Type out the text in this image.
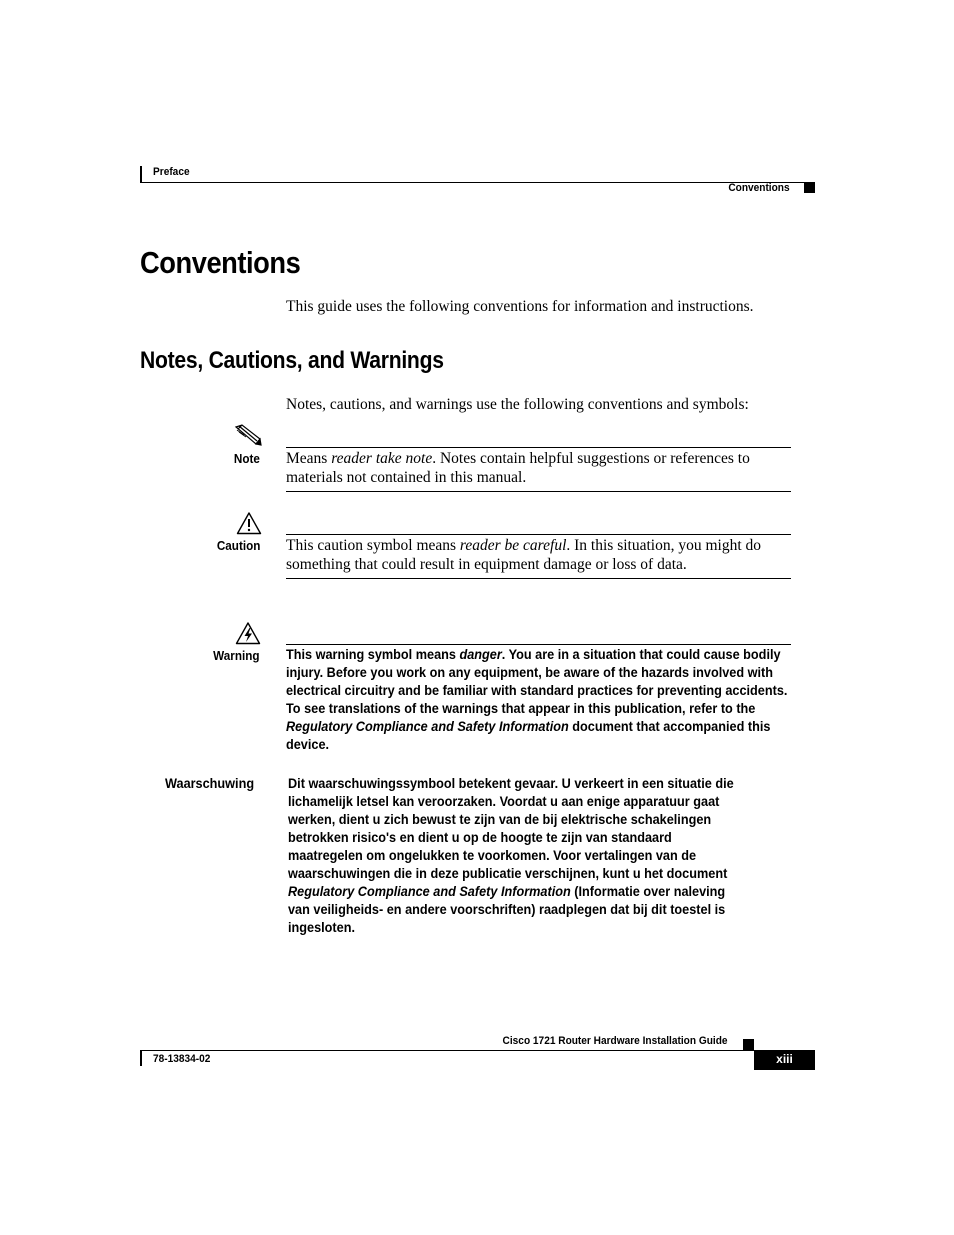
Preface
Conventions
Conventions
This guide uses the following conventions for information and instructions.
Notes, Cautions, and Warnings
Notes, cautions, and warnings use the following conventions and symbols:
Note Means reader take note. Notes contain helpful suggestions or references to materials not contained in this manual.
Caution This caution symbol means reader be careful. In this situation, you might do something that could result in equipment damage or loss of data.
Warning This warning symbol means danger. You are in a situation that could cause bodily injury. Before you work on any equipment, be aware of the hazards involved with electrical circuitry and be familiar with standard practices for preventing accidents. To see translations of the warnings that appear in this publication, refer to the Regulatory Compliance and Safety Information document that accompanied this device.
Waarschuwing	Dit waarschuwingssymbool betekent gevaar. U verkeert in een situatie die lichamelijk letsel kan veroorzaken. Voordat u aan enige apparatuur gaat werken, dient u zich bewust te zijn van de bij elektrische schakelingen betrokken risico's en dient u op de hoogte te zijn van standaard maatregelen om ongelukken te voorkomen. Voor vertalingen van de waarschuwingen die in deze publicatie verschijnen, kunt u het document Regulatory Compliance and Safety Information (Informatie over naleving van veiligheids- en andere voorschriften) raadplegen dat bij dit toestel is ingesloten.
Cisco 1721 Router Hardware Installation Guide
78-13834-02	xiii
